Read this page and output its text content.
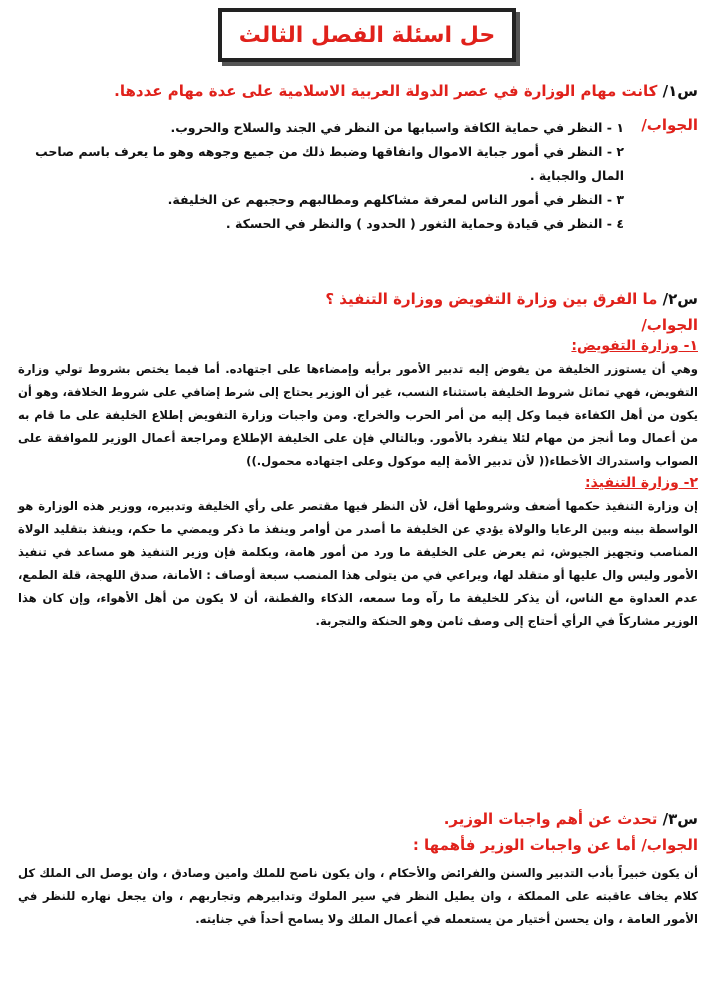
حل اسئلة الفصل الثالث
س١/ كانت مهام الوزارة في عصر الدولة العربية الاسلامية على عدة مهام عددها.
الجواب/
١ - النظر في حماية الكافة واسبابها من النظر في الجند والسلاح والحروب.
٢ - النظر في أمور جباية الاموال وانفاقها وضبط ذلك من جميع وجوهه وهو ما يعرف باسم صاحب المال والجباية .
٣ - النظر في أمور الناس لمعرفة مشاكلهم ومطالبهم وحجبهم عن الخليفة.
٤ - النظر في قيادة وحماية الثغور ( الحدود ) والنظر في الحسكة .
س٢/ ما الفرق بين وزارة التفويض ووزارة التنفيذ ؟
الجواب/
١- وزارة التفويض:
وهي أن يستوزر الخليفة من يفوض إليه تدبير الأمور برأيه وإمضاءها على اجتهاده. أما فيما يختص بشروط تولي وزارة التفويض، فهي تماثل شروط الخليفة باستثناء النسب، غير أن الوزير يحتاج إلى شرط إضافي على شروط الخلافة، وهو أن يكون من أهل الكفاءة فيما وكل إليه من أمر الحرب والخراج. ومن واجبات وزارة التفويض إطلاع الخليفة على ما قام به من أعمال وما أنجز من مهام لئلا ينفرد بالأمور. وبالتالي فإن على الخليفة الإطلاع ومراجعة أعمال الوزير للموافقة على الصواب واستدراك الأخطاء(( لأن تدبير الأمة إليه موكول وعلى اجتهاده محمول.))
٢- وزارة التنفيذ:
إن وزارة التنفيذ حكمها أضعف وشروطها أقل، لأن النظر فيها مقتصر على رأي الخليفة وتدبيره، ووزير هذه الوزارة هو الواسطة بينه وبين الرعايا والولاة يؤدي عن الخليفة ما أصدر من أوامر وينفذ ما ذكر ويمضي ما حكم، وينفذ بتقليد الولاة المناصب وتجهيز الجيوش، ثم يعرض على الخليفة ما ورد من أمور هامة، وبكلمة فإن وزير التنفيذ هو مساعد في تنفيذ الأمور وليس وال عليها أو متقلد لها، ويراعي في من يتولى هذا المنصب سبعة أوصاف : الأمانة، صدق اللهجة، قلة الطمع، عدم العداوة مع الناس، أن يذكر للخليفة ما رآه وما سمعه، الذكاء والفطنة، أن لا يكون من أهل الأهواء، وإن كان هذا الوزير مشاركاً في الرأي أحتاج إلى وصف ثامن وهو الحنكة والتجربة.
س٣/ تحدث عن أهم واجبات الوزير.
الجواب/ أما عن واجبات الوزير فأهمها :
أن يكون خبيراً بأدب التدبير والسنن والفرائض والأحكام ، وان يكون ناصح للملك وامين وصادق ، وان يوصل الى الملك كل كلام يخاف عاقبته على المملكة ، وان يطيل النظر في سير الملوك وتدابيرهم وتجاربهم ، وان يجعل نهاره للنظر في الأمور العامة ، وان يحسن أختيار من يستعمله في أعمال الملك ولا يسامح أحداً في جنايته.
